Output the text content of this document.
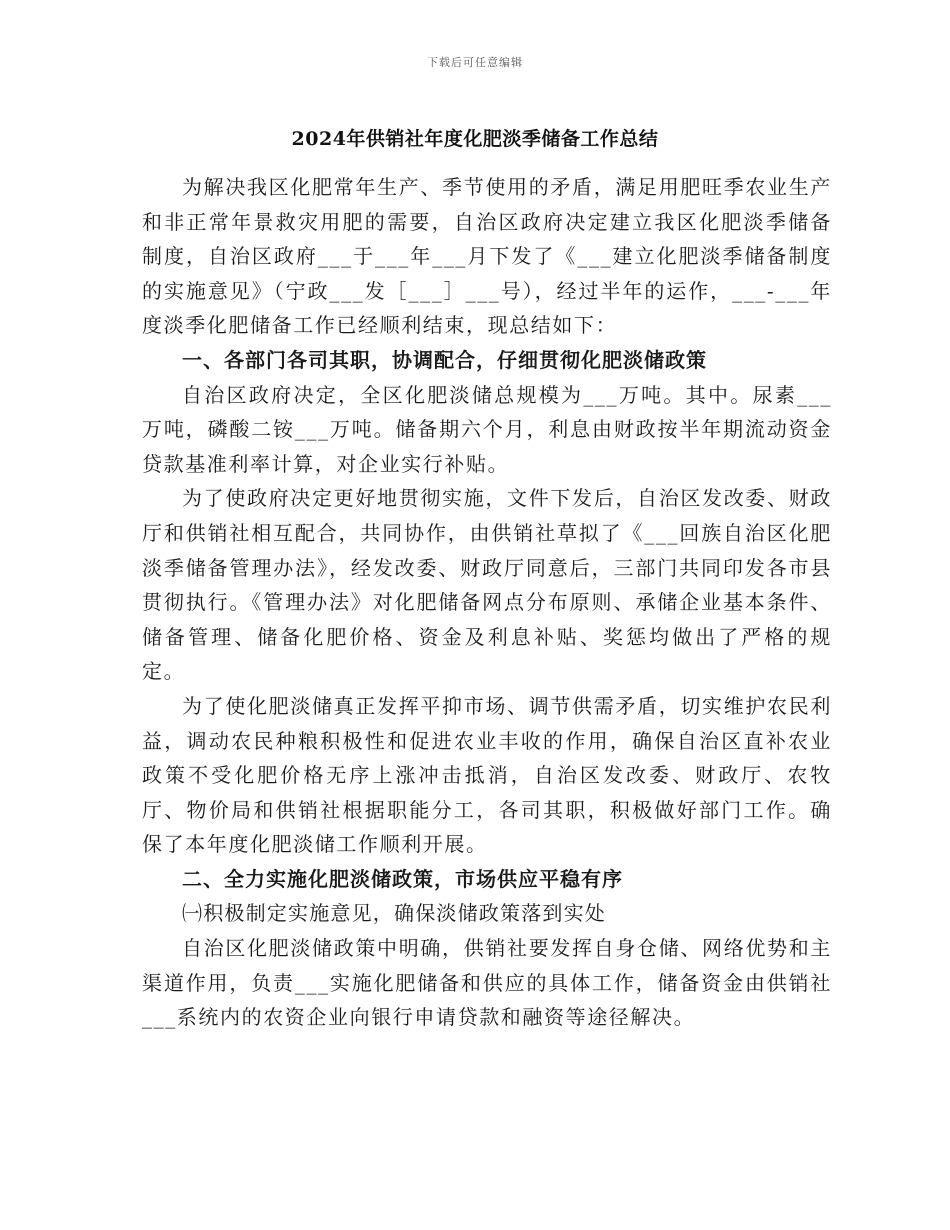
下载后可任意编辑
2024年供销社年度化肥淡季储备工作总结

为解决我区化肥常年生产、季节使用的矛盾，满足用肥旺季农业生产和非正常年景救灾用肥的需要，自治区政府决定建立我区化肥淡季储备制度，自治区政府___于___年___月下发了《___建立化肥淡季储备制度的实施意见》（宁政___发［___］___号），经过半年的运作，___-___年度淡季化肥储备工作已经顺利结束，现总结如下：

一、各部门各司其职，协调配合，仔细贯彻化肥淡储政策

自治区政府决定，全区化肥淡储总规模为___万吨。其中。尿素___万吨，磷酸二铵___万吨。储备期六个月，利息由财政按半年期流动资金贷款基准利率计算，对企业实行补贴。

为了使政府决定更好地贯彻实施，文件下发后，自治区发改委、财政厅和供销社相互配合，共同协作，由供销社草拟了《___回族自治区化肥淡季储备管理办法》，经发改委、财政厅同意后，三部门共同印发各市县贯彻执行。《管理办法》对化肥储备网点分布原则、承储企业基本条件、储备管理、储备化肥价格、资金及利息补贴、奖惩均做出了严格的规定。

为了使化肥淡储真正发挥平抑市场、调节供需矛盾，切实维护农民利益，调动农民种粮积极性和促进农业丰收的作用，确保自治区直补农业政策不受化肥价格无序上涨冲击抵消，自治区发改委、财政厅、农牧厅、物价局和供销社根据职能分工，各司其职，积极做好部门工作。确保了本年度化肥淡储工作顺利开展。

二、全力实施化肥淡储政策，市场供应平稳有序

㈠积极制定实施意见，确保淡储政策落到实处

自治区化肥淡储政策中明确，供销社要发挥自身仓储、网络优势和主渠道作用，负责___实施化肥储备和供应的具体工作，储备资金由供销社___系统内的农资企业向银行申请贷款和融资等途径解决。
